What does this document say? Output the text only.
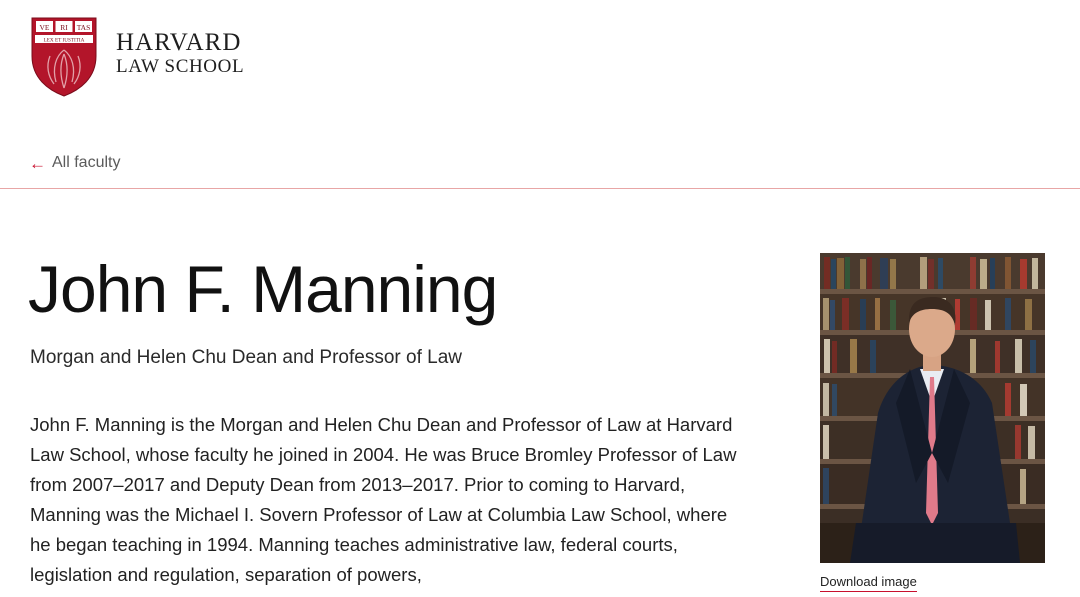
VE RI TAS
LEX ET IUSTITIA HARVARD
LAW SCHOOL
← All faculty
John F. Manning
Morgan and Helen Chu Dean and Professor of Law

John F. Manning is the Morgan and Helen Chu Dean and Professor of Law at Harvard Law School, whose faculty he joined in 2004. He was Bruce Bromley Professor of Law from 2007–2017 and Deputy Dean from 2013–2017. Prior to coming to Harvard, Manning was the Michael I. Sovern Professor of Law at Columbia Law School, where he began teaching in 1994. Manning teaches administrative law, federal courts, legislation and regulation, separation of powers,	Download image
